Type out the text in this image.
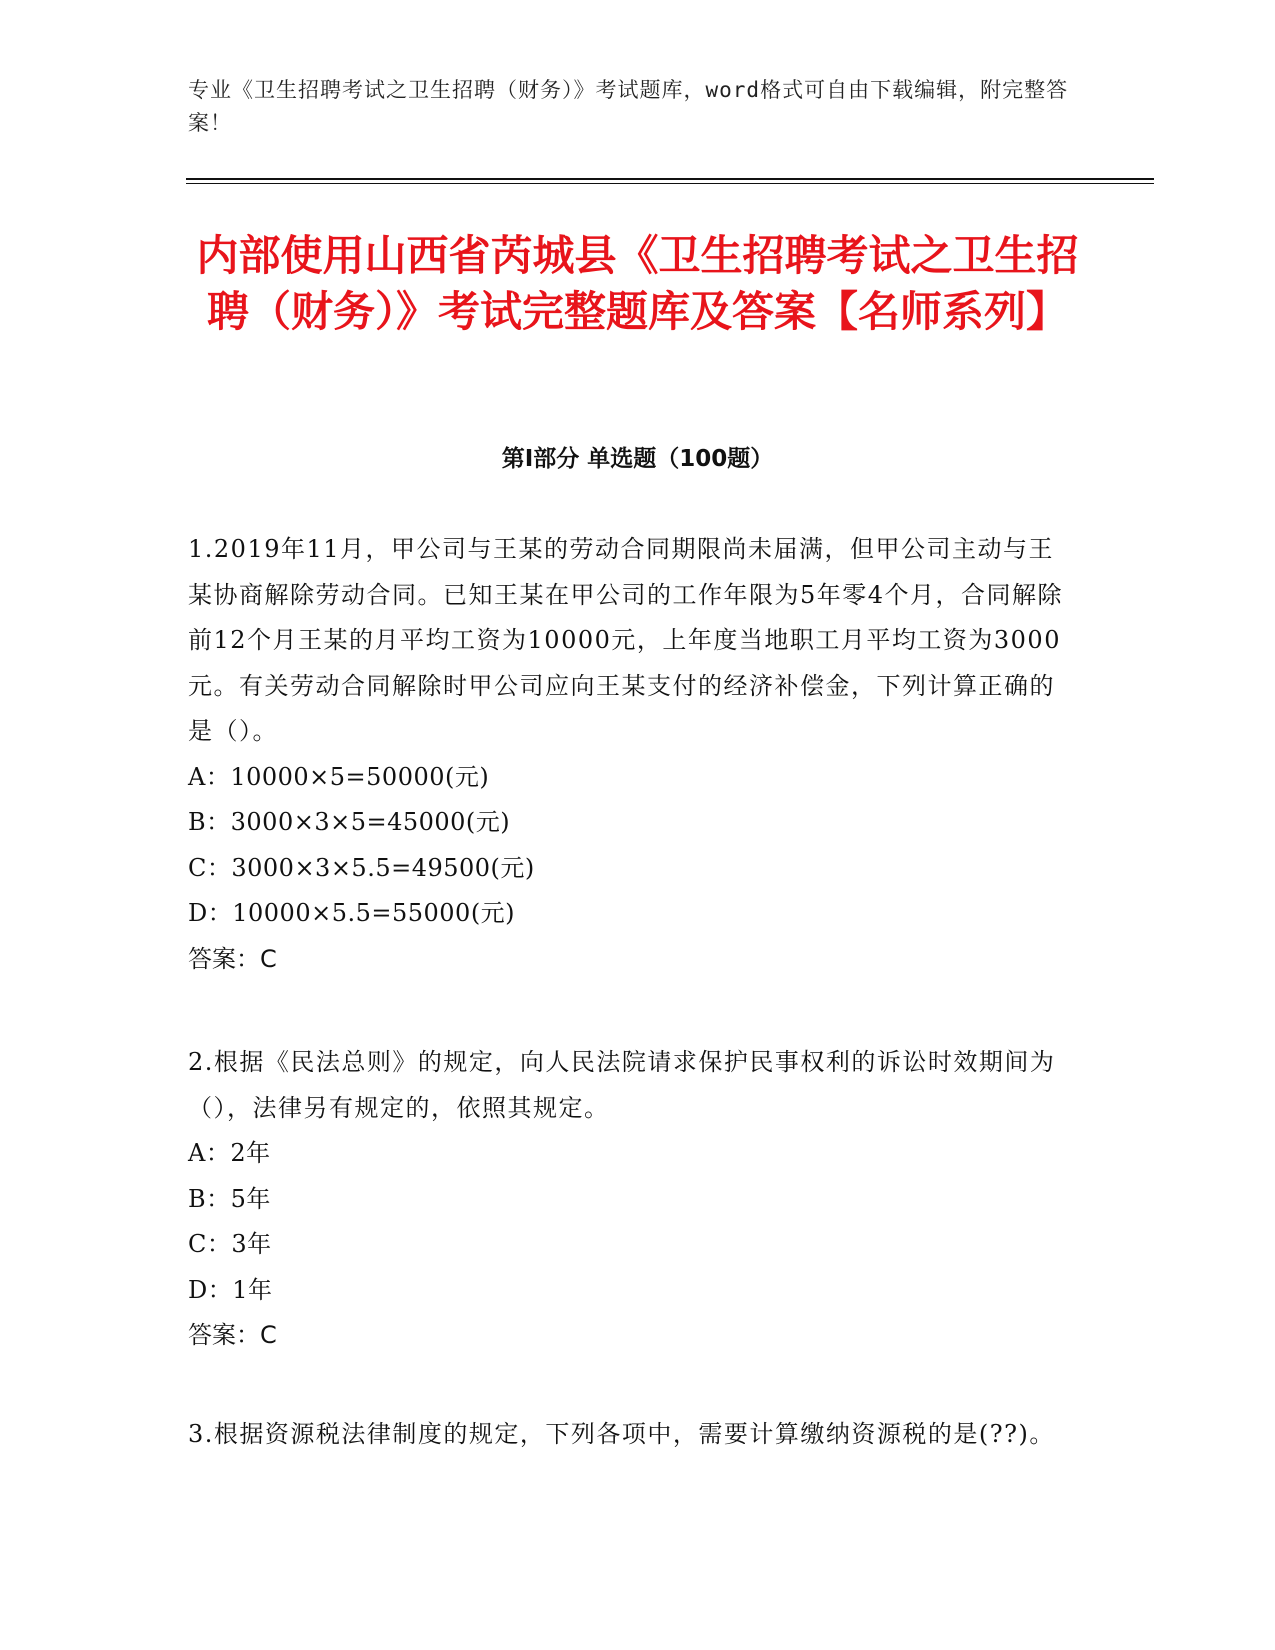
专业《卫生招聘考试之卫生招聘（财务）》考试题库，word格式可自由下载编辑，附完整答案！
内部使用山西省芮城县《卫生招聘考试之卫生招聘（财务）》考试完整题库及答案【名师系列】
第Ⅰ部分 单选题（100题）

1.2019年11月，甲公司与王某的劳动合同期限尚未届满，但甲公司主动与王某协商解除劳动合同。已知王某在甲公司的工作年限为5年零4个月，合同解除前12个月王某的月平均工资为10000元，上年度当地职工月平均工资为3000元。有关劳动合同解除时甲公司应向王某支付的经济补偿金，下列计算正确的是（）。

A：10000×5=50000(元)

B：3000×3×5=45000(元)

C：3000×3×5.5=49500(元)

D：10000×5.5=55000(元)

答案：C

2.根据《民法总则》的规定，向人民法院请求保护民事权利的诉讼时效期间为（），法律另有规定的，依照其规定。

A：2年

B：5年

C：3年

D：1年

答案：C

3.根据资源税法律制度的规定，下列各项中，需要计算缴纳资源税的是(??)。
